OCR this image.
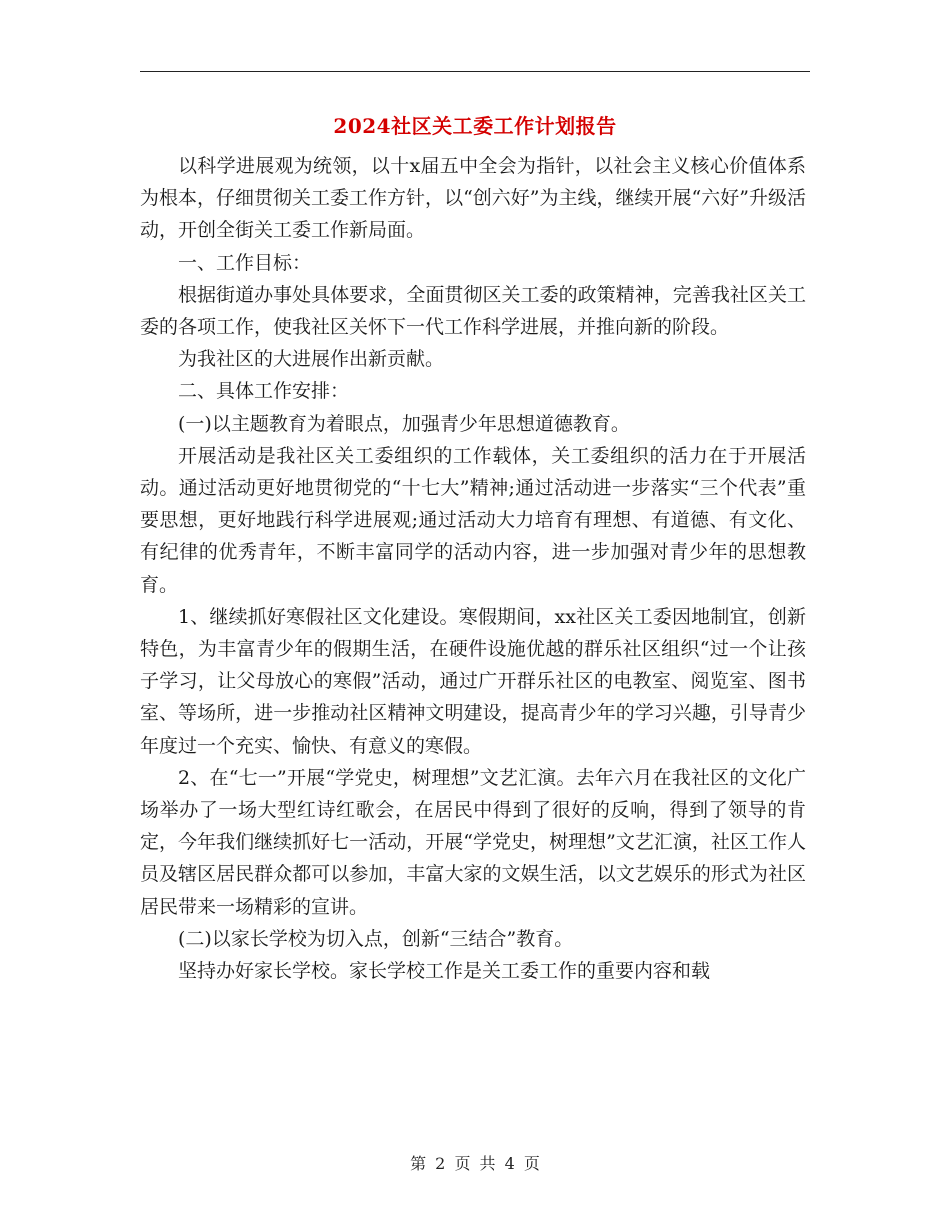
2024社区关工委工作计划报告

以科学进展观为统领，以十x届五中全会为指针，以社会主义核心价值体系为根本，仔细贯彻关工委工作方针，以“创六好”为主线，继续开展“六好”升级活动，开创全街关工委工作新局面。

一、工作目标：

根据街道办事处具体要求，全面贯彻区关工委的政策精神，完善我社区关工委的各项工作，使我社区关怀下一代工作科学进展，并推向新的阶段。

为我社区的大进展作出新贡献。

二、具体工作安排：

(一)以主题教育为着眼点，加强青少年思想道德教育。

开展活动是我社区关工委组织的工作载体，关工委组织的活力在于开展活动。通过活动更好地贯彻党的“十七大”精神;通过活动进一步落实“三个代表”重要思想，更好地践行科学进展观;通过活动大力培育有理想、有道德、有文化、有纪律的优秀青年，不断丰富同学的活动内容，进一步加强对青少年的思想教育。

1、继续抓好寒假社区文化建设。寒假期间，xx社区关工委因地制宜，创新特色，为丰富青少年的假期生活，在硬件设施优越的群乐社区组织“过一个让孩子学习，让父母放心的寒假”活动，通过广开群乐社区的电教室、阅览室、图书室、等场所，进一步推动社区精神文明建设，提高青少年的学习兴趣，引导青少年度过一个充实、愉快、有意义的寒假。

2、在“七一”开展“学党史，树理想”文艺汇演。去年六月在我社区的文化广场举办了一场大型红诗红歌会，在居民中得到了很好的反响，得到了领导的肯定，今年我们继续抓好七一活动，开展“学党史，树理想”文艺汇演，社区工作人员及辖区居民群众都可以参加，丰富大家的文娱生活，以文艺娱乐的形式为社区居民带来一场精彩的宣讲。

(二)以家长学校为切入点，创新“三结合”教育。

坚持办好家长学校。家长学校工作是关工委工作的重要内容和载

第 2 页 共 4 页
